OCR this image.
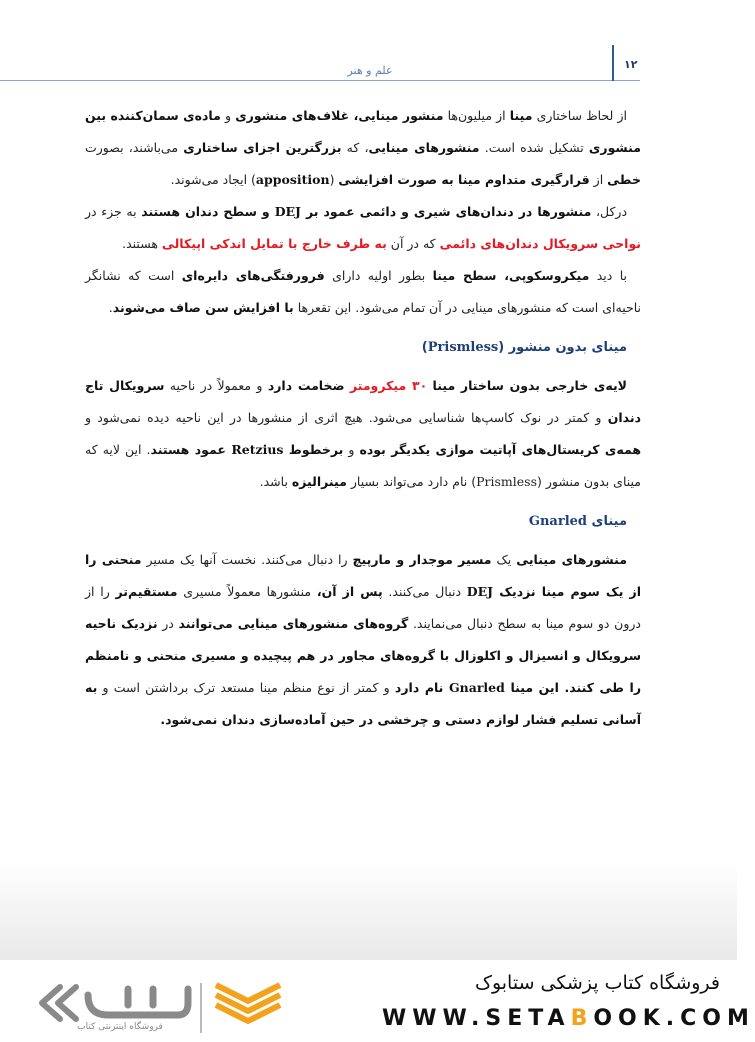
۱۲
علم و هنر

از لحاظ ساختاری مینا از میلیون‌ها منشور مینایی، غلاف‌های منشوری و ماده‌ی سمان‌کننده بین منشوری تشکیل شده است. منشورهای مینایی، که بزرگترین اجزای ساختاری می‌باشند، بصورت خطی از قرارگیری متداوم مینا به صورت افزایشی (apposition) ایجاد می‌شوند.

درکل، منشورها در دندان‌های شیری و دائمی عمود بر DEJ و سطح دندان هستند به جزء در نواحی سرویکال دندان‌های دائمی که در آن به طرف خارج با تمایل اندکی اپیکالی هستند.

با دید میکروسکوپی، سطح مینا بطور اولیه دارای فرورفتگی‌های دایره‌ای است که نشانگر ناحیه‌ای است که منشورهای مینایی در آن تمام می‌شود. این تقعرها با افزایش سن صاف می‌شوند.

مینای بدون منشور (Prismless)

لایه‌ی خارجی بدون ساختار مینا ۳۰ میکرومتر ضخامت دارد و معمولاً در ناحیه سرویکال تاج دندان و کمتر در نوک کاسپ‌ها شناسایی می‌شود. هیچ اثری از منشورها در این ناحیه دیده نمی‌شود و همه‌ی کریستال‌های آپاتیت موازی یکدیگر بوده و برخطوط Retzius عمود هستند. این لایه که مینای بدون منشور (Prismless) نام دارد می‌تواند بسیار مینرالیزه باشد.

مینای Gnarled

منشورهای مینایی یک مسیر موجدار و مارپیچ را دنبال می‌کنند. نخست آنها یک مسیر منحنی را از یک سوم مینا نزدیک DEJ دنبال می‌کنند. پس از آن، منشورها معمولاً مسیری مستقیم‌تر را از درون دو سوم مینا به سطح دنبال می‌نمایند. گروه‌های منشورهای مینایی می‌توانند در نزدیک ناحیه سرویکال و انسیزال و اکلوزال با گروه‌های مجاور در هم پیچیده و مسیری منحنی و نامنظم را طی کنند. این مینا Gnarled نام دارد و کمتر از نوع منظم مینا مستعد ترک برداشتن است و به آسانی تسلیم فشار لوازم دستی و چرخشی در حین آماده‌سازی دندان نمی‌شود.

ستابوک
فروشگاه اینترنتی کتاب
فروشگاه کتاب پزشکی ستابوک
WWW.SETABOOK.COM
